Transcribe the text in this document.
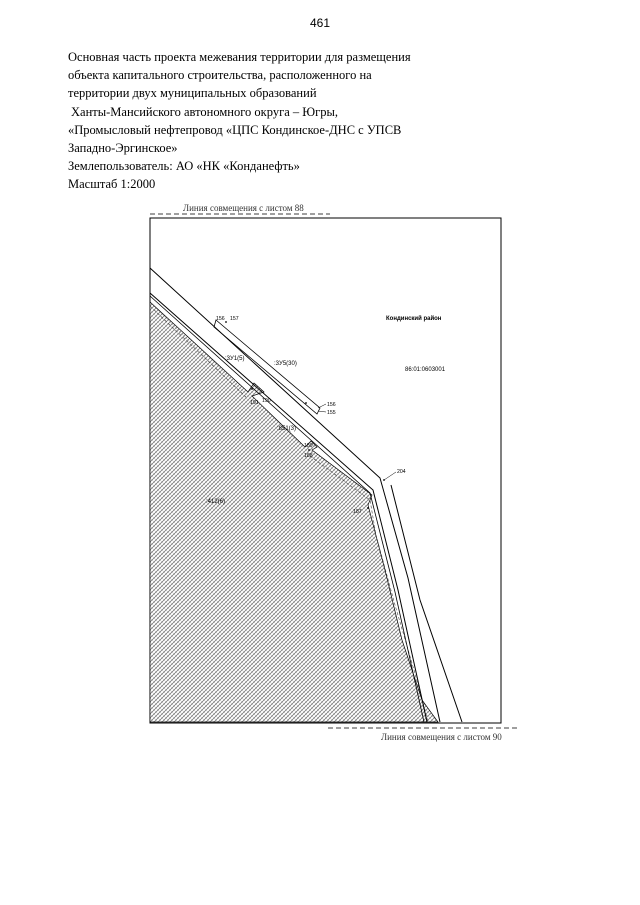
461
Основная часть проекта межевания территории для размещения
объекта капитального строительства, расположенного на
территории двух муниципальных образований
Ханты-Мансийского автономного округа – Югры,
«Промысловый нефтепровод «ЦПС Кондинское-ДНС с УПСВ
Западно-Эргинское»
Землепользователь: АО «НК «Конданефть»
Масштаб 1:2000
Линия совмещения с листом 88
Линия совмещения с листом 90
Кондинский район
86:01:0603001
:3У1(5)
:3У5(30)
:851(3)
:412(6)
156 157
191 190
156
155
189
188
204
187
